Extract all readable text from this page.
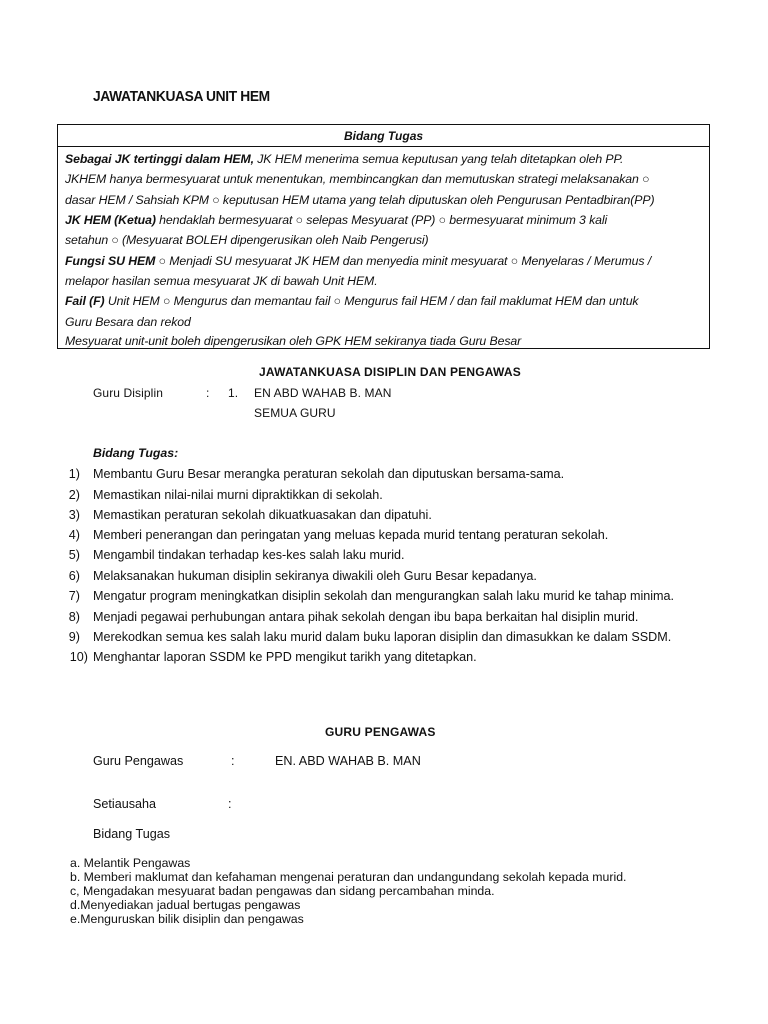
JAWATANKUASA UNIT HEM
Bidang Tugas
Sebagai JK tertinggi dalam HEM, JK HEM menerima semua keputusan yang telah ditetapkan oleh PP.
JKHEM hanya bermesyuarat untuk menentukan, membincangkan dan memutuskan strategi melaksanakan ○
dasar HEM / Sahsiah KPM ○ keputusan HEM utama yang telah diputuskan oleh Pengurusan Pentadbiran(PP)
JK HEM (Ketua) hendaklah bermesyuarat ○ selepas Mesyuarat (PP) ○ bermesyuarat minimum 3 kali
setahun ○ (Mesyuarat BOLEH dipengerusikan oleh Naib Pengerusi)
Fungsi SU HEM ○ Menjadi SU mesyuarat JK HEM dan menyedia minit mesyuarat ○ Menyelaras / Merumus /
melapor hasilan semua mesyuarat JK di bawah Unit HEM.
Fail (F) Unit HEM ○ Mengurus dan memantau fail ○ Mengurus fail HEM / dan fail maklumat HEM dan untuk
Guru Besara dan rekod
Mesyuarat unit-unit boleh dipengerusikan oleh GPK HEM sekiranya tiada Guru Besar
JAWATANKUASA DISIPLIN DAN PENGAWAS
Guru Disiplin	: 1. EN ABD WAHAB B. MAN
SEMUA GURU
Bidang Tugas:
1) Membantu Guru Besar merangka peraturan sekolah dan diputuskan bersama-sama.
2) Memastikan nilai-nilai murni dipraktikkan di sekolah.
3) Memastikan peraturan sekolah dikuatkuasakan dan dipatuhi.
4) Memberi penerangan dan peringatan yang meluas kepada murid tentang peraturan sekolah.
5) Mengambil tindakan terhadap kes-kes salah laku murid.
6) Melaksanakan hukuman disiplin sekiranya diwakili oleh Guru Besar kepadanya.
7) Mengatur program meningkatkan disiplin sekolah dan mengurangkan salah laku murid ke tahap minima.
8) Menjadi pegawai perhubungan antara pihak sekolah dengan ibu bapa berkaitan hal disiplin murid.
9) Merekodkan semua kes salah laku murid dalam buku laporan disiplin dan dimasukkan ke dalam SSDM.
10) Menghantar laporan SSDM ke PPD mengikut tarikh yang ditetapkan.
GURU PENGAWAS
Guru Pengawas	:	EN. ABD WAHAB B. MAN
Setiausaha	:
Bidang Tugas
a. Melantik Pengawas
b. Memberi maklumat dan kefahaman mengenai peraturan dan undangundang sekolah kepada murid.
c, Mengadakan mesyuarat badan pengawas dan sidang percambahan minda.
d.Menyediakan jadual bertugas pengawas
e.Menguruskan bilik disiplin dan pengawas
